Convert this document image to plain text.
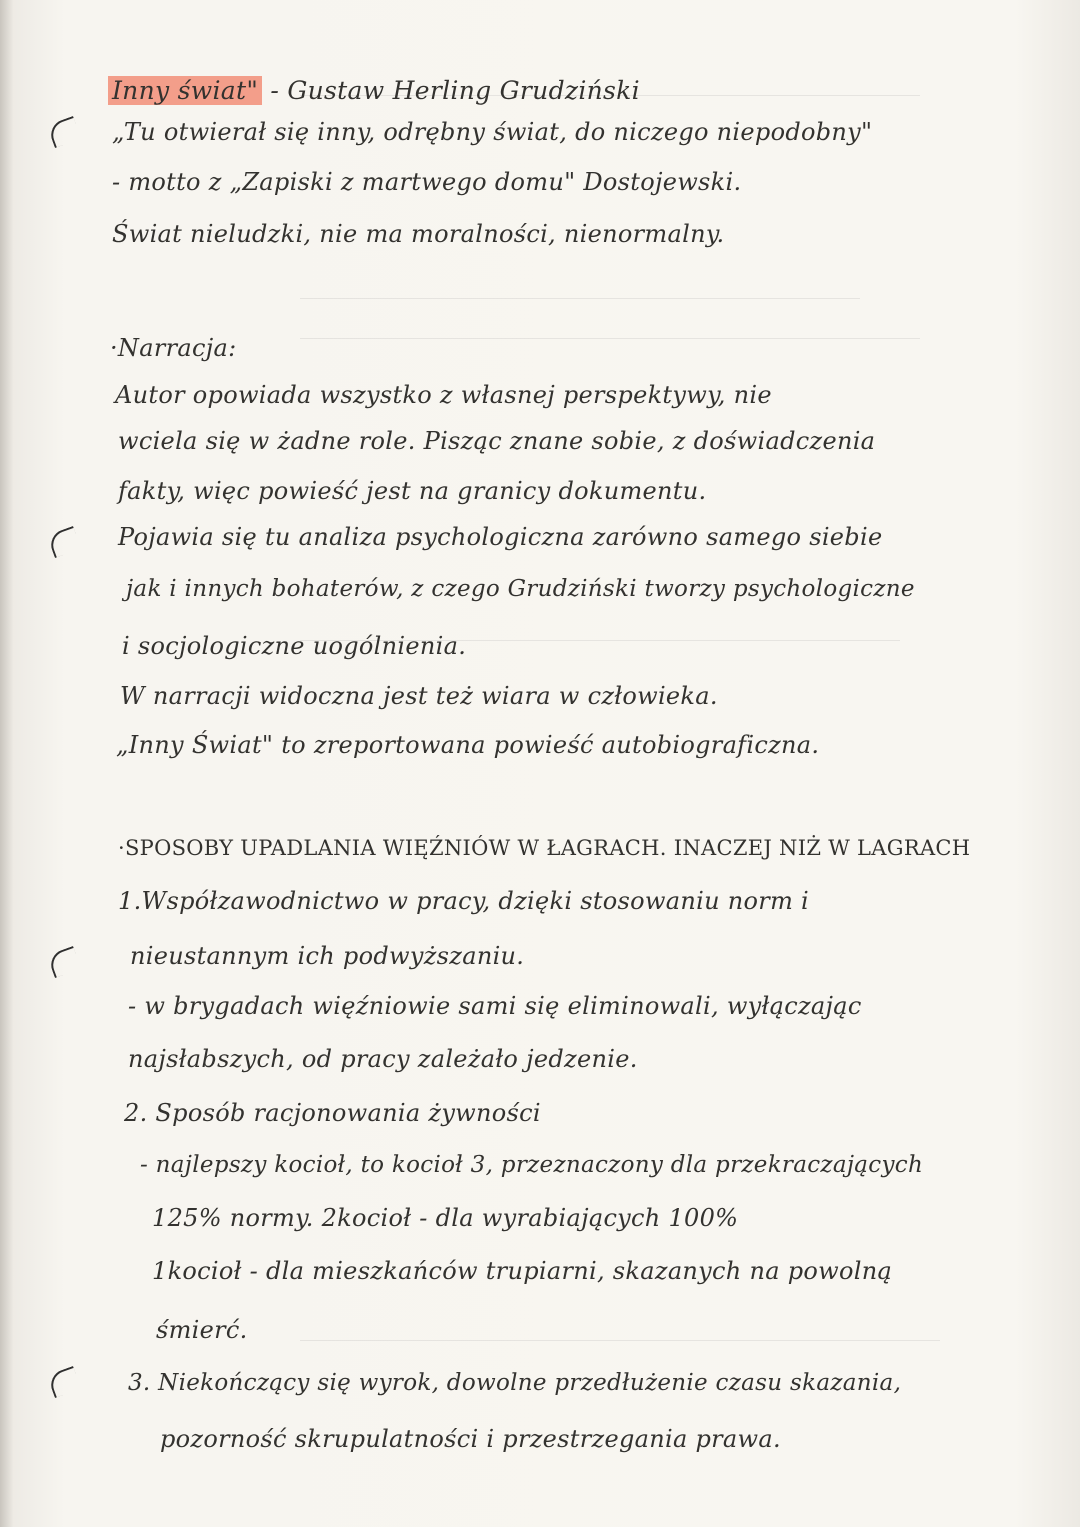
Inny świat" - Gustaw Herling Grudziński
„Tu otwierał się inny, odrębny świat, do niczego niepodobny"
- motto z „Zapiski z martwego domu" Dostojewski.
Świat nieludzki, nie ma moralności, nienormalny.
·Narracja:
Autor opowiada wszystko z własnej perspektywy, nie
wciela się w żadne role. Pisząc znane sobie, z doświadczenia
fakty, więc powieść jest na granicy dokumentu.
Pojawia się tu analiza psychologiczna zarówno samego siebie
jak i innych bohaterów, z czego Grudziński tworzy psychologiczne
i socjologiczne uogólnienia.
W narracji widoczna jest też wiara w człowieka.
„Inny Świat" to zreportowana powieść autobiograficzna.
·SPOSOBY UPADLANIA WIĘŹNIÓW W ŁAGRACH. INACZEJ NIŻ W LAGRACH
1.Współzawodnictwo w pracy, dzięki stosowaniu norm i
nieustannym ich podwyższaniu.
- w brygadach więźniowie sami się eliminowali, wyłączając
najsłabszych, od pracy zależało jedzenie.
2. Sposób racjonowania żywności
- najlepszy kocioł, to kocioł 3, przeznaczony dla przekraczających
125% normy. 2kocioł - dla wyrabiających 100%
1kocioł - dla mieszkańców trupiarni, skazanych na powolną
śmierć.
3. Niekończący się wyrok, dowolne przedłużenie czasu skazania,
pozorność skrupulatności i przestrzegania prawa.
